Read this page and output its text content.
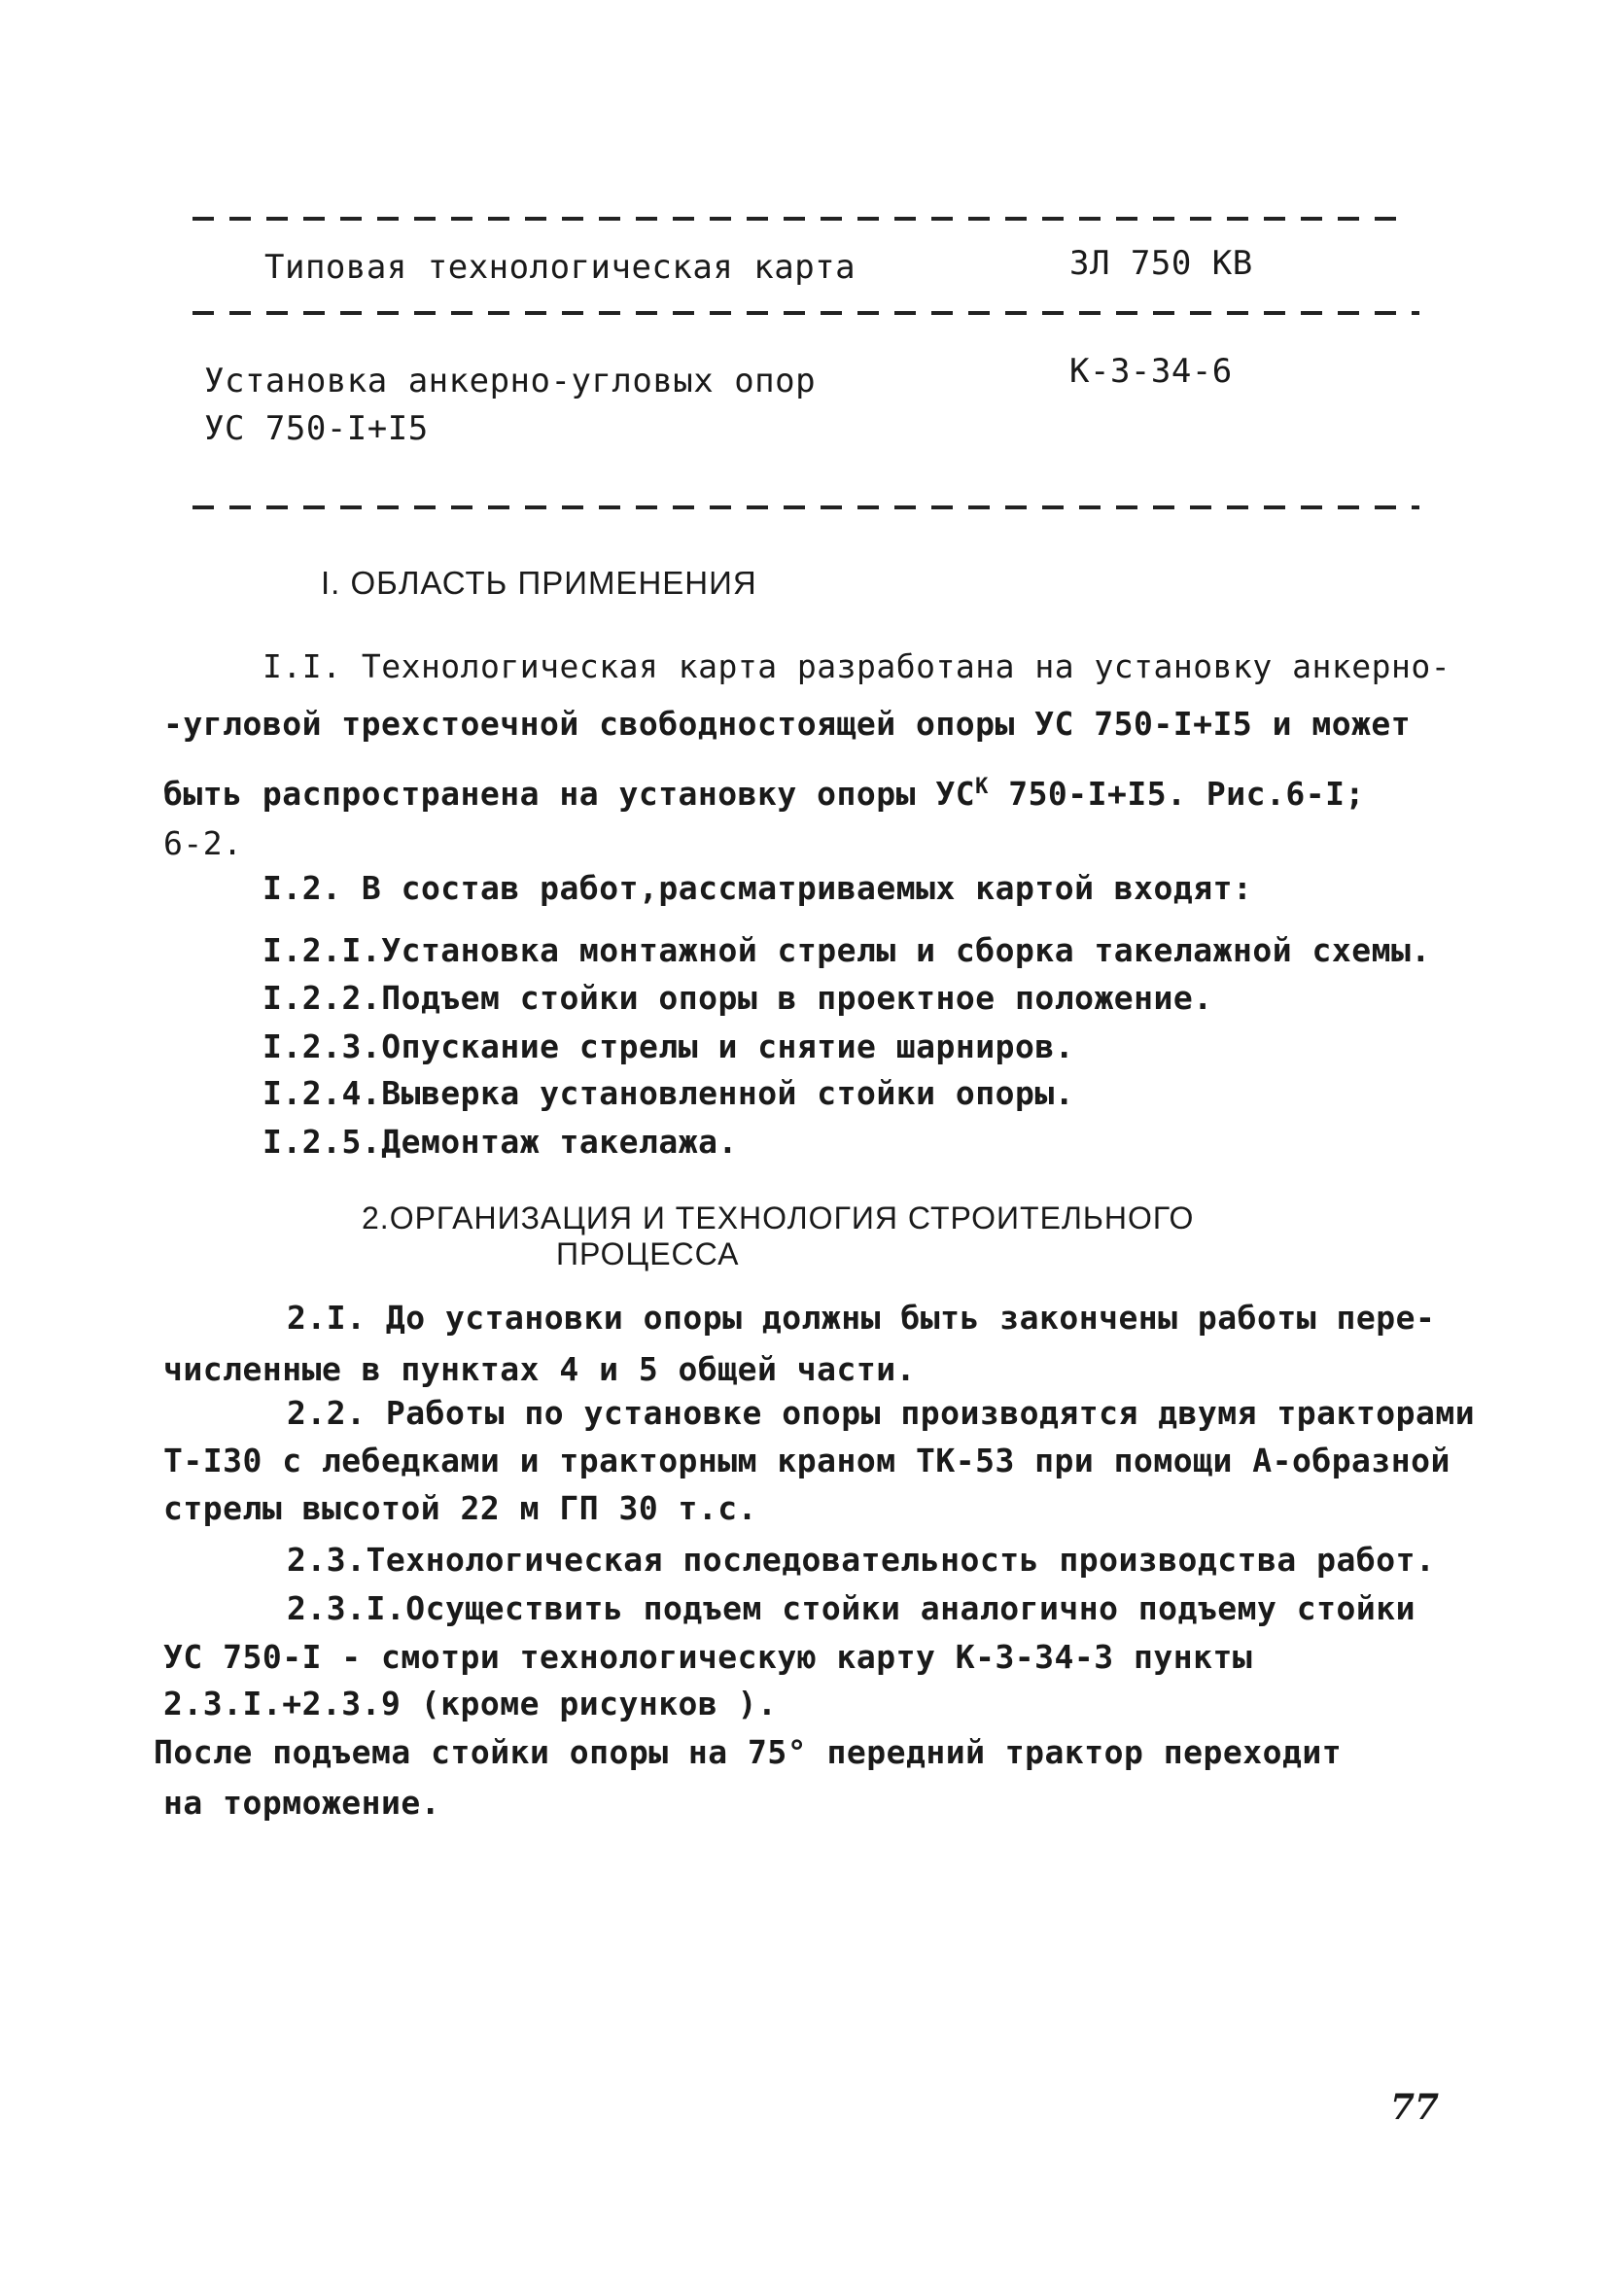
Типовая технологическая карта	ЗЛ 750 КВ
Установка анкерно-угловых опор	К-3-34-6
УС 750-I+I5
I. ОБЛАСТЬ ПРИМЕНЕНИЯ
I.I. Технологическая карта разработана на установку анкерно-
-угловой трехстоечной свободностоящей опоры УС 750-I+I5 и может
быть распространена на установку опоры $УС^К$ 750-I+I5. Рис.6-I;
6-2.
I.2. В состав работ,рассматриваемых картой входят:
I.2.I.Установка монтажной стрелы и сборка такелажной схемы.
I.2.2.Подъем стойки опоры в проектное положение.
I.2.3.Опускание стрелы и снятие шарниров.
I.2.4.Выверка установленной стойки опоры.
I.2.5.Демонтаж такелажа.
2.ОРГАНИЗАЦИЯ И ТЕХНОЛОГИЯ СТРОИТЕЛЬНОГО
ПРОЦЕССА
2.I. До установки опоры должны быть закончены работы пере-
численные в пунктах 4 и 5 общей части.
2.2. Работы по установке опоры производятся двумя тракторами
Т-I30 с лебедками и тракторным краном ТК-53 при помощи А-образной
стрелы высотой 22 м ГП 30 т.с.
2.3.Технологическая последовательность производства работ.
2.3.I.Осуществить подъем стойки аналогично подъему стойки
УС 750-I - смотри технологическую карту К-3-34-3 пункты
2.3.I.+2.3.9 (кроме рисунков ).
После подъема стойки опоры на 75° передний трактор переходит
на торможение.
77
